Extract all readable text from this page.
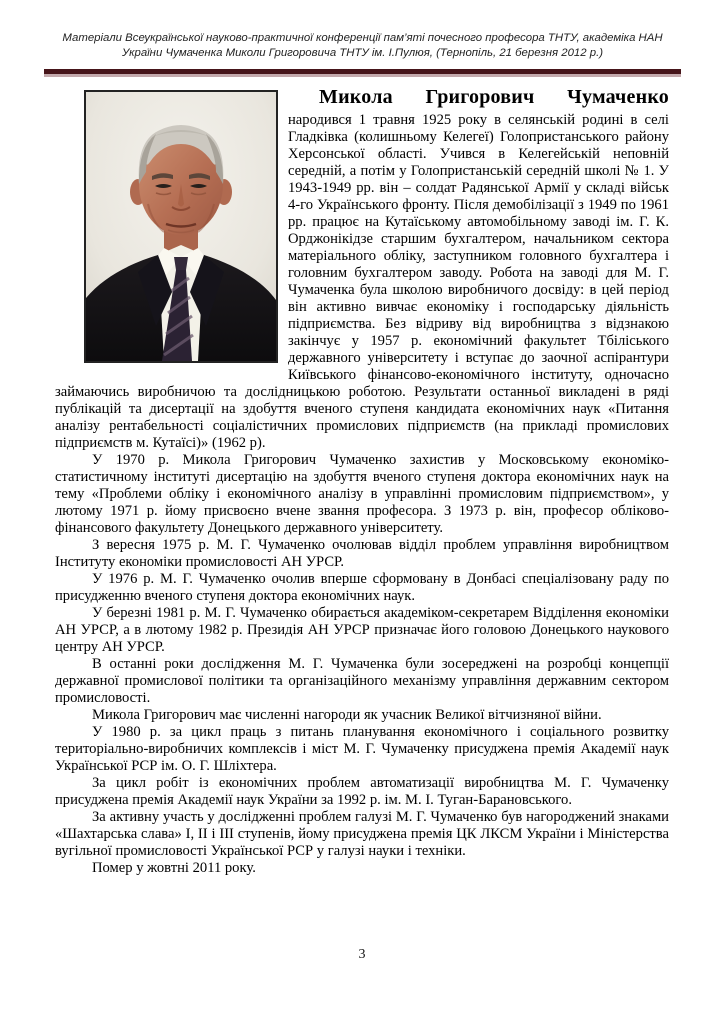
Матеріали Всеукраїнської науково-практичної конференції пам’яті почесного професора ТНТУ, академіка НАН
України Чумаченка Миколи Григоровича ТНТУ ім. І.Пулюя, (Тернопіль, 21 березня 2012 р.)
Микола Григорович Чумаченко

народився 1 травня 1925 року в селянській родині в селі Гладківка (колишньому Келегеї) Голопристанського району Херсонської області. Учився в Келегейській неповній середній, а потім у Голопристанській середній школі № 1. У 1943-1949 рр. він – солдат Радянської Армії у складі військ 4-го Українського фронту. Після демобілізації з 1949 по 1961 рр. працює на Кутаїському автомобільному заводі ім. Г. К. Орджонікідзе старшим бухгалтером, начальником сектора матеріального обліку, заступником головного бухгалтера і головним бухгалтером заводу. Робота на заводі для М. Г. Чумаченка була школою виробничого досвіду: в цей період він активно вивчає економіку і господарську діяльність підприємства. Без відриву від виробництва з відзнакою закінчує у 1957 р. економічний факультет Тбіліського державного університету і вступає до заочної аспірантури Київського фінансово-економічного інституту, одночасно займаючись виробничою та дослідницькою роботою. Результати останньої викладені в ряді публікацій та дисертації на здобуття вченого ступеня кандидата економічних наук «Питання аналізу рентабельності соціалістичних промислових підприємств (на прикладі промислових підприємств м. Кутаїсі)» (1962 р).

У 1970 р. Микола Григорович Чумаченко захистив у Московському економіко-статистичному інституті дисертацію на здобуття вченого ступеня доктора економічних наук на тему «Проблеми обліку і економічного аналізу в управлінні промисловим підприємством», у лютому 1971 р. йому присвоєно вчене звання професора. З 1973 р. він, професор обліково-фінансового факультету Донецького державного університету.

З вересня 1975 р. М. Г. Чумаченко очолював відділ проблем управління виробництвом Інституту економіки промисловості АН УРСР.

У 1976 р. М. Г. Чумаченко очолив вперше сформовану в Донбасі спеціалізовану раду по присудженню вченого ступеня доктора економічних наук.

У березні 1981 р. М. Г. Чумаченко обирається академіком-секретарем Відділення економіки АН УРСР, а в лютому 1982 р. Президія АН УРСР призначає його головою Донецького наукового центру АН УРСР.

В останні роки дослідження М. Г. Чумаченка були зосереджені на розробці концепції державної промислової політики та організаційного механізму управління державним сектором промисловості.

Микола Григорович має численні нагороди як учасник Великої вітчизняної війни.

У 1980 р. за цикл праць з питань планування економічного і соціального розвитку територіально-виробничих комплексів і міст М. Г. Чумаченку присуджена премія Академії наук Української РСР ім. О. Г. Шліхтера.

За цикл робіт із економічних проблем автоматизації виробництва М. Г. Чумаченку присуджена премія Академії наук України за 1992 р. ім. М. І. Туган-Барановського.

За активну участь у дослідженні проблем галузі М. Г. Чумаченко був нагороджений знаками «Шахтарська слава» I, II і III ступенів, йому присуджена премія ЦК ЛКСМ України і Міністерства вугільної промисловості Української РСР у галузі науки і техніки.

Помер у жовтні 2011 року.

3
